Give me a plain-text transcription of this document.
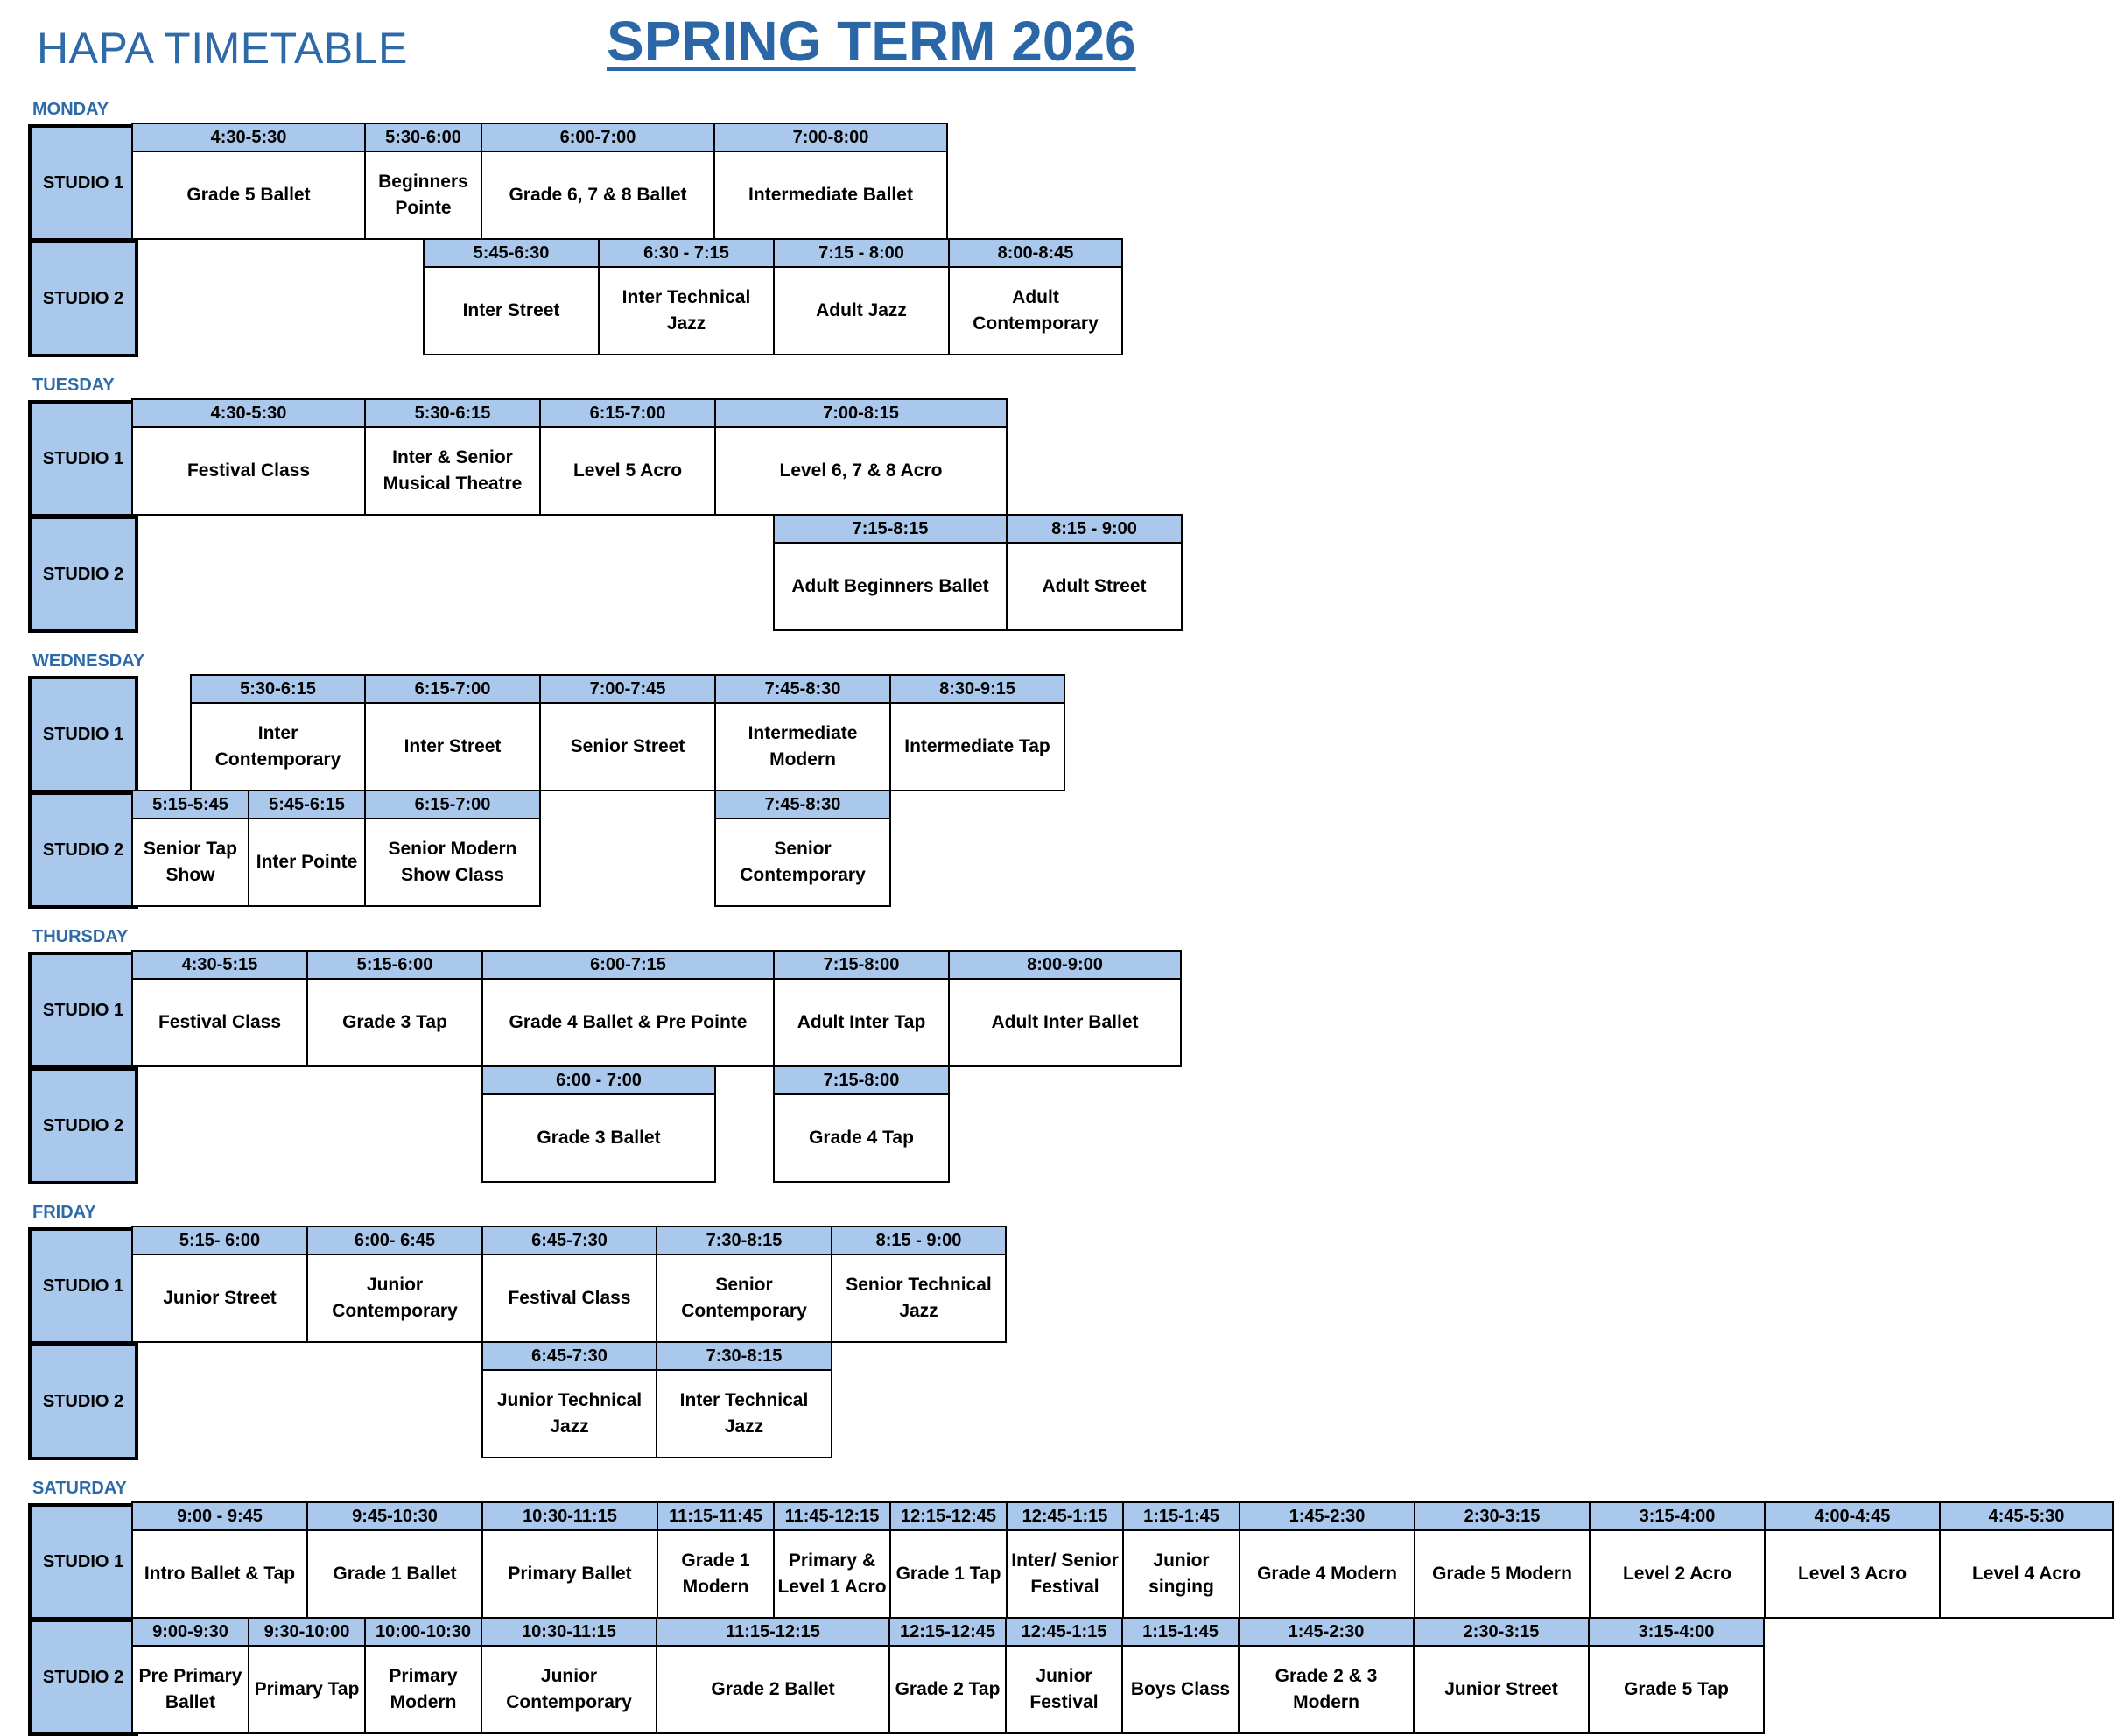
HAPA TIMETABLE	SPRING TERM 2026
MONDAY
STUDIO 1
4:30-5:30
Grade 5 Ballet
5:30-6:00
Beginners Pointe
6:00-7:00
Grade 6, 7 & 8 Ballet
7:00-8:00
Intermediate Ballet
STUDIO 2
5:45-6:30
Inter Street
6:30 - 7:15
Inter Technical Jazz
7:15 - 8:00
Adult Jazz
8:00-8:45
Adult Contemporary
TUESDAY
STUDIO 1
4:30-5:30
Festival Class
5:30-6:15
Inter & Senior Musical Theatre
6:15-7:00
Level 5 Acro
7:00-8:15
Level 6, 7 & 8 Acro
STUDIO 2
7:15-8:15
Adult Beginners Ballet
8:15 - 9:00
Adult Street
WEDNESDAY
STUDIO 1
5:30-6:15
Inter Contemporary
6:15-7:00
Inter Street
7:00-7:45
Senior Street
7:45-8:30
Intermediate Modern
8:30-9:15
Intermediate Tap
STUDIO 2
5:15-5:45
Senior Tap Show
5:45-6:15
Inter Pointe
6:15-7:00
Senior Modern Show Class
7:45-8:30
Senior Contemporary
THURSDAY
STUDIO 1
4:30-5:15
Festival Class
5:15-6:00
Grade 3 Tap
6:00-7:15
Grade 4 Ballet & Pre Pointe
7:15-8:00
Adult Inter Tap
8:00-9:00
Adult Inter Ballet
STUDIO 2
6:00 - 7:00
Grade 3 Ballet
7:15-8:00
Grade 4 Tap
FRIDAY
STUDIO 1
5:15- 6:00
Junior Street
6:00- 6:45
Junior Contemporary
6:45-7:30
Festival Class
7:30-8:15
Senior Contemporary
8:15 - 9:00
Senior Technical Jazz
STUDIO 2
6:45-7:30
Junior Technical Jazz
7:30-8:15
Inter Technical Jazz
SATURDAY
STUDIO 1
9:00 - 9:45
Intro Ballet & Tap
9:45-10:30
Grade 1 Ballet
10:30-11:15
Primary Ballet
11:15-11:45
Grade 1 Modern
11:45-12:15
Primary & Level 1 Acro
12:15-12:45
Grade 1 Tap
12:45-1:15
Inter/ Senior Festival
1:15-1:45
Junior singing
1:45-2:30
Grade 4 Modern
2:30-3:15
Grade 5 Modern
3:15-4:00
Level 2 Acro
4:00-4:45
Level 3 Acro
4:45-5:30
Level 4 Acro
STUDIO 2
9:00-9:30
Pre Primary Ballet
9:30-10:00
Primary Tap
10:00-10:30
Primary Modern
10:30-11:15
Junior Contemporary
11:15-12:15
Grade 2 Ballet
12:15-12:45
Grade 2 Tap
12:45-1:15
Junior Festival
1:15-1:45
Boys Class
1:45-2:30
Grade 2 & 3 Modern
2:30-3:15
Junior Street
3:15-4:00
Grade 5 Tap
